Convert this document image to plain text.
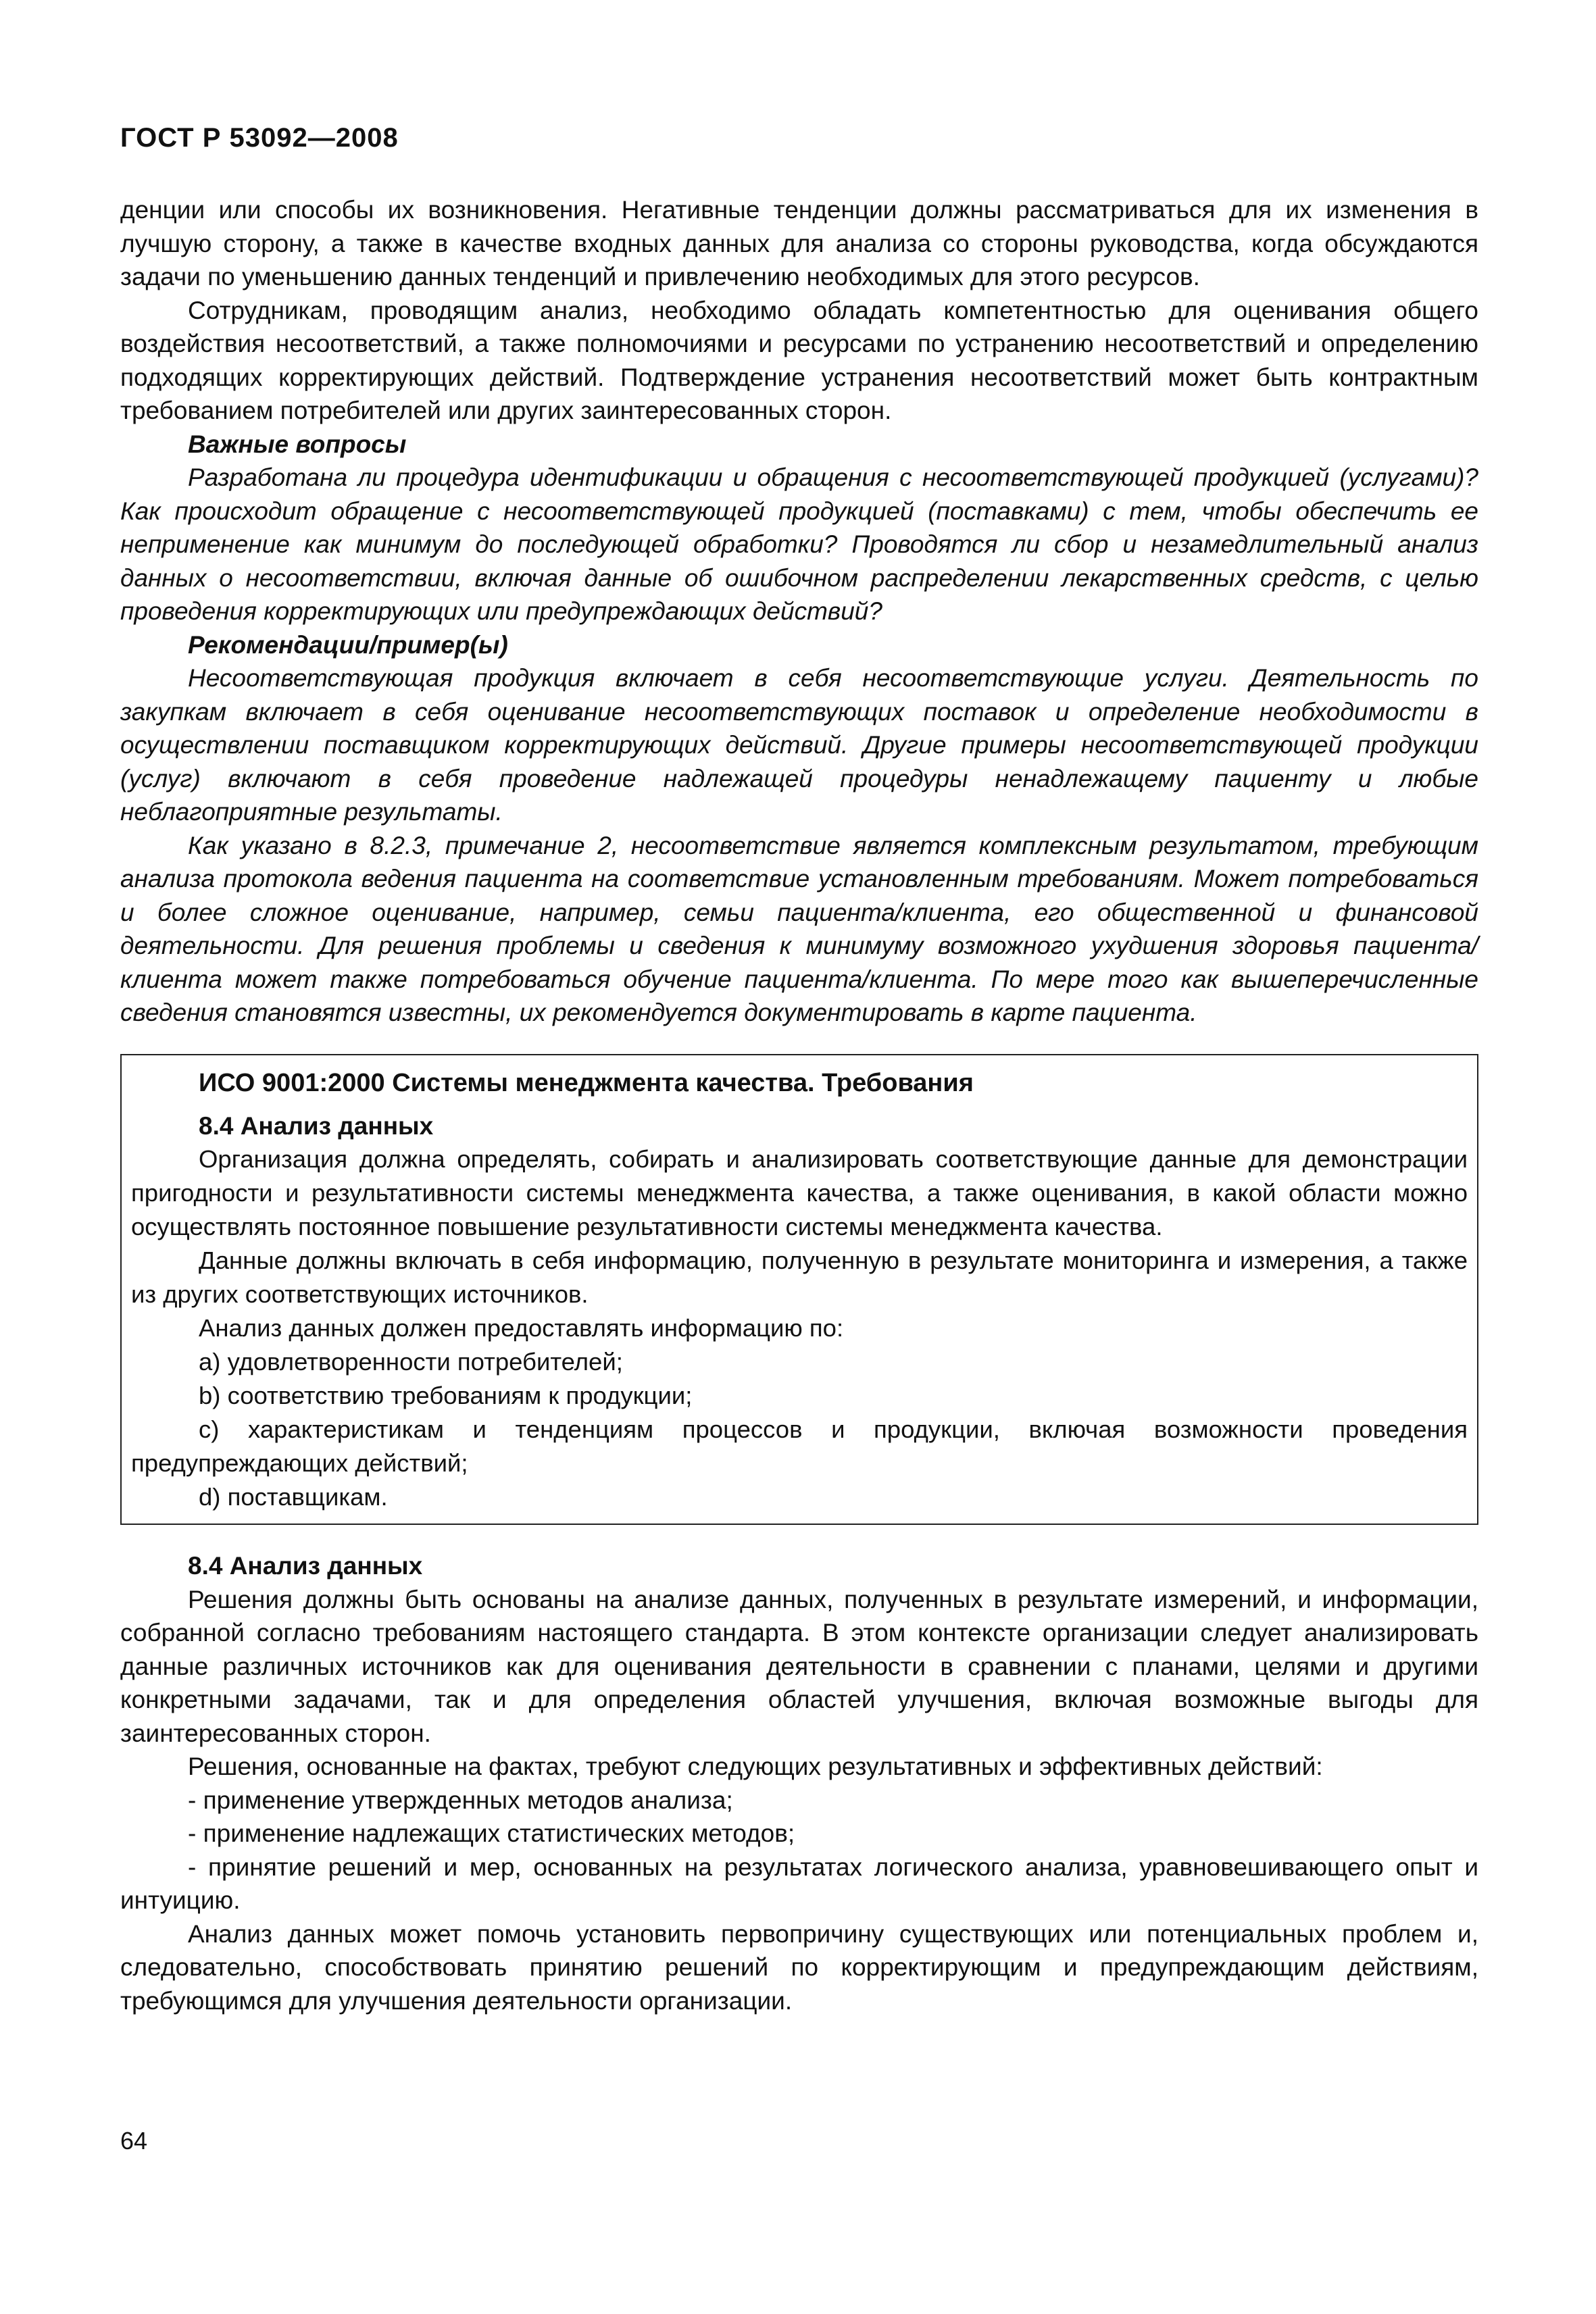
ГОСТ Р 53092—2008

денции или способы их возникновения. Негативные тенденции должны рассматриваться для их изменения в лучшую сторону, а также в качестве входных данных для анализа со стороны руководства, когда обсуждаются задачи по уменьшению данных тенденций и привлечению необходимых для этого ресурсов.

Сотрудникам, проводящим анализ, необходимо обладать компетентностью для оценивания общего воздействия несоответствий, а также полномочиями и ресурсами по устранению несоответствий и определению подходящих корректирующих действий. Подтверждение устранения несоответствий может быть контрактным требованием потребителей или других заинтересованных сторон.

Важные вопросы

Разработана ли процедура идентификации и обращения с несоответствующей продукцией (услугами)? Как происходит обращение с несоответствующей продукцией (поставками) с тем, чтобы обеспечить ее неприменение как минимум до последующей обработки? Проводятся ли сбор и незамедлительный анализ данных о несоответствии, включая данные об ошибочном распределении лекарственных средств, с целью проведения корректирующих или предупреждающих действий?

Рекомендации/пример(ы)

Несоответствующая продукция включает в себя несоответствующие услуги. Деятельность по закупкам включает в себя оценивание несоответствующих поставок и определение необходимости в осуществлении поставщиком корректирующих действий. Другие примеры несоответствующей продукции (услуг) включают в себя проведение надлежащей процедуры ненадлежащему пациенту и любые неблагоприятные результаты.

Как указано в 8.2.3, примечание 2, несоответствие является комплексным результатом, требующим анализа протокола ведения пациента на соответствие установленным требованиям. Может потребоваться и более сложное оценивание, например, семьи пациента/клиента, его общественной и финансовой деятельности. Для решения проблемы и сведения к минимуму возможного ухудшения здоровья пациента/клиента может также потребоваться обучение пациента/клиента. По мере того как вышеперечисленные сведения становятся известны, их рекомендуется документировать в карте пациента.

ИСО 9001:2000 Системы менеджмента качества. Требования
8.4 Анализ данных

Организация должна определять, собирать и анализировать соответствующие данные для демонстрации пригодности и результативности системы менеджмента качества, а также оценивания, в какой области можно осуществлять постоянное повышение результативности системы менеджмента качества.

Данные должны включать в себя информацию, полученную в результате мониторинга и измерения, а также из других соответствующих источников.

Анализ данных должен предоставлять информацию по:

а) удовлетворенности потребителей;

b) соответствию требованиям к продукции;

c) характеристикам и тенденциям процессов и продукции, включая возможности проведения предупреждающих действий;

d) поставщикам.

8.4 Анализ данных

Решения должны быть основаны на анализе данных, полученных в результате измерений, и информации, собранной согласно требованиям настоящего стандарта. В этом контексте организации следует анализировать данные различных источников как для оценивания деятельности в сравнении с планами, целями и другими конкретными задачами, так и для определения областей улучшения, включая возможные выгоды для заинтересованных сторон.

Решения, основанные на фактах, требуют следующих результативных и эффективных действий:

- применение утвержденных методов анализа;

- применение надлежащих статистических методов;

- принятие решений и мер, основанных на результатах логического анализа, уравновешивающего опыт и интуицию.

Анализ данных может помочь установить первопричину существующих или потенциальных проблем и, следовательно, способствовать принятию решений по корректирующим и предупреждающим действиям, требующимся для улучшения деятельности организации.

64
